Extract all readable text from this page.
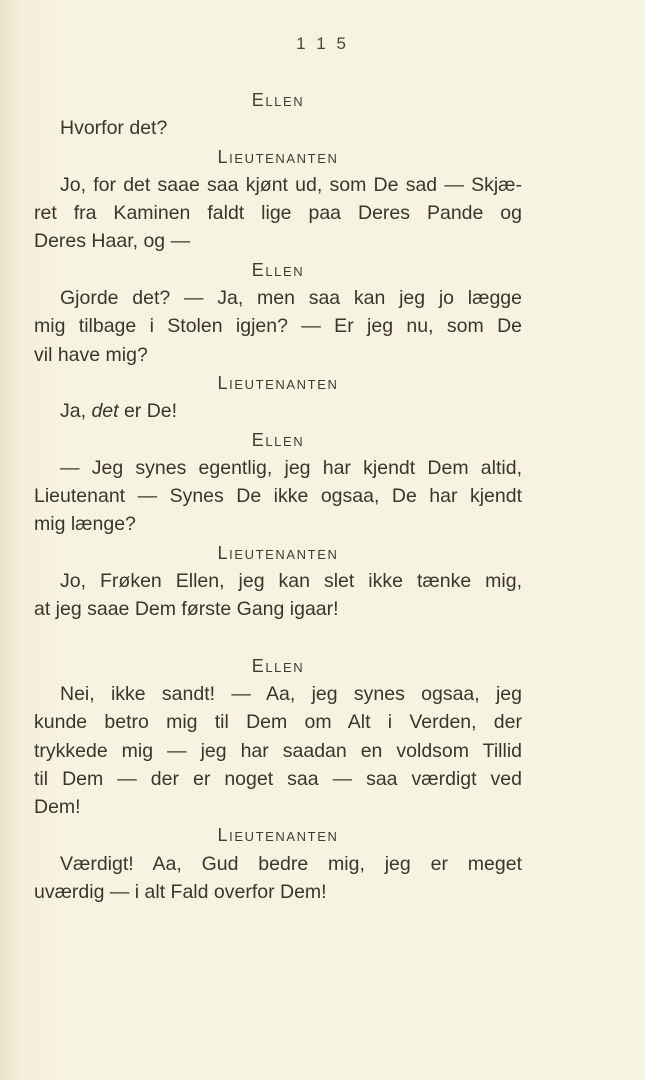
1 1 5
Ellen
Hvorfor det?
Lieutenanten
Jo, for det saae saa kjønt ud, som De sad — Skjæ-
ret fra Kaminen faldt lige paa Deres Pande og
Deres Haar, og —
Ellen
Gjorde det? — Ja, men saa kan jeg jo lægge
mig tilbage i Stolen igjen? — Er jeg nu, som De
vil have mig?
Lieutenanten
Ja, det er De!
Ellen
— Jeg synes egentlig, jeg har kjendt Dem altid,
Lieutenant — Synes De ikke ogsaa, De har kjendt
mig længe?
Lieutenanten
Jo, Frøken Ellen, jeg kan slet ikke tænke mig,
at jeg saae Dem første Gang igaar!
Ellen
Nei, ikke sandt! — Aa, jeg synes ogsaa, jeg
kunde betro mig til Dem om Alt i Verden, der
trykkede mig — jeg har saadan en voldsom Tillid
til Dem — der er noget saa — saa værdigt ved
Dem!
Lieutenanten
Værdigt! Aa, Gud bedre mig, jeg er meget
uværdig — i alt Fald overfor Dem!
